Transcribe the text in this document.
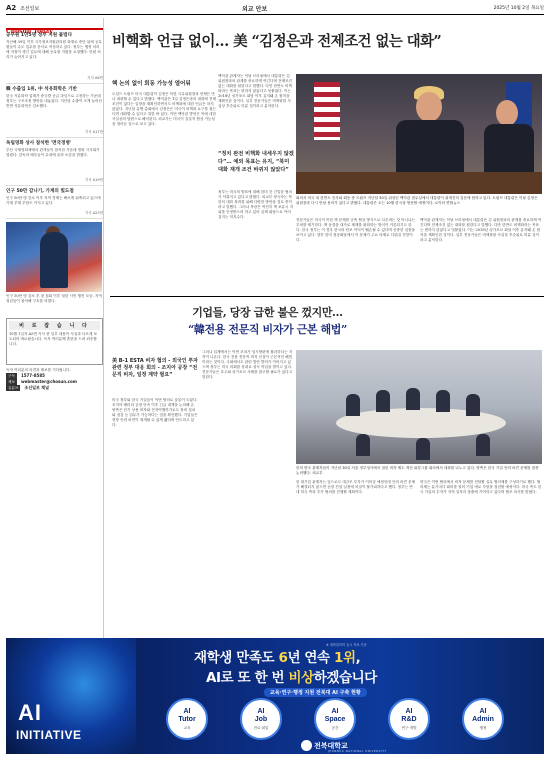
A2 조선일보	외교 안보	2025년 10월 2일 목요일
Chosun Today
공무원 1만5명 정부 지원 불법다
지난해 39일 이후 국가정보자원관리원 화재로 중단 뒤에 공무원들이 수도 업무를 문서로 작성하고 있다. 정부는 행정 처리에 지장이 생긴 업무에 대해 공무원 지원을 요청했다. 민원 처리가 늦어지고 있다.
기사 A6면
韓 수출입 1위, 中 석유화학은 기반
한국 석유화학 업계가 중국발 공급 과잉으로 고전하는 가운데 정부는 구조조정 방안을 내놓았다. 지난달 수출이 크게 늘어난 반면 석유화학은 감소했다.
기사 A17면
독립영화 상사 참석한 '면국정병'
부산 국제영화제에서 관객들이 참석한 가운데 영화 시사회가 열렸다. 감독과 배우들이 무대에 올라 소감을 밝혔다.
기사 A19면
인구 50만 감나기, 가계의 빛도점
인구 50만 명 감소 이후 지역 경제는 빠르게 위축되고 있으며 가계 부채 부담도 커지고 있다.
기사 A23면
인구 50만 명 감소 후 첫 집회 이후 열린 시민 행진 모습. 지역 청년들이 참석해 구호를 외쳤다.
비 로 잡 습 니 다
10월 1일자 A5면 기사 중 일부 내용이 사실과 다르게 보도되어 바로잡습니다. 독자 여러분께 혼란을 드려 죄송합니다.
독자 여러분의 의견과 제보를 기다립니다.
구독	1577-8585
제보	webmaster@chosun.com
유튜브	조선일보 채널
비핵화 언급 없이… 美 “김정은과 전제조건 없는 대화”
핵 논의 없이 회동 가능성 열어둬
도널드 트럼프 미국 대통령이 김정은 북한 국무위원장과 언제든 만나 대화할 수 있다고 밝혔다. 백악관은 1일 김정은과의 대화에 전제조건이 없다는 입장을 재확인하면서도 비핵화에 대한 언급은 하지 않았다. 지난달 유엔 총회에서 김정은은 미국이 비핵화 요구를 접는다면 대화할 수 있다고 말한 바 있다. 이번 백악관 발언은 이에 대한 사실상의 답변으로 해석된다. 외교가는 미국이 실질적 협상 가능성을 열어둔 것으로 보고 있다.
백악관 관계자는 이날 브리핑에서 대통령은 김 위원장과의 관계를 중요하게 여긴다며 전제조건 없는 대화를 원한다고 말했다. 다만 한반도 비핵화라는 목표는 변하지 않았다고 덧붙였다. 이는 2018년 싱가포르 회담 이후 유지돼 온 원칙을 재확인한 것이다. 일부 전문가들은 비핵화를 사실상 후순위로 미룬 것이라고 분석한다.
“정치 완전 비핵화 내세우지 않겠다”… 예외 목표는 유지, “북미 대화 재개 조건 바뀌지 않았다”
정부는 미국의 발표에 대해 한미 간 긴밀한 협의가 이뤄지고 있다고 밝혔다. 외교부 당국자는 북한의 대화 복귀를 위해 다양한 방안을 검토 중이라고 말했다. 그러나 북한은 여전히 핵 보유국 지위를 인정받으려 하고 있어 실제 회담으로 이어질지는 미지수다.
회의서 미국 내 한반도 인사와 회동 중 트럼프 지난달 30일 워싱턴 백악관 집무실에서 대통령이 취재진의 질문에 답하고 있다. 트럼프 대통령은 이날 김정은 위원장과 다시 만날 용의가 있다고 밝혔다. 대통령은 오는 10월 한국을 방문할 예정이다. 로이터 연합뉴스
전문가들은 미국이 북한 핵 문제를 군축 협상 방식으로 다루려는 것 아니냐는 우려를 제기한다. 핵 동결을 대가로 제재를 완화하는 방식이 거론되기도 한다. 한국 정부는 이 경우 한국의 안보 이익이 훼손될 수 있다며 신중한 입장을 보이고 있다. 향후 한미 정상회담에서 이 문제가 주요 의제로 다뤄질 전망이다.
백악관 관계자는 이날 브리핑에서 대통령은 김 위원장과의 관계를 중요하게 여긴다며 전제조건 없는 대화를 원한다고 말했다. 다만 한반도 비핵화라는 목표는 변하지 않았다고 덧붙였다. 이는 2018년 싱가포르 회담 이후 유지돼 온 원칙을 재확인한 것이다. 일부 전문가들은 비핵화를 사실상 후순위로 미룬 것이라고 분석한다.
기업들, 당장 급한 불은 껐지만…
“韓전용 전문직 비자가 근본 해법”
美 B-1 ESTA 비자 협의 - 외국인 투자 관련 정부 대응 회의 - 조지아 공장 “전문직 비자, 일정 계약 필요”
미국 정부와 한국 기업들이 이번 합의로 숨통이 트였다. 조지아 배터리 공장 단속 이후 긴급 대책을 논의해 온 양측은 단기 상용 비자와 전자여행허가로도 장비 설치와 점검 등 업무가 가능하다는 점을 확인했다. 기업들은 현장 인력 파견이 재개될 수 있게 됐다며 안도하고 있다.
그러나 업계에서는 이번 조치가 임시방편에 불과하다는 지적이 나온다. 한국 전용 전문직 비자 신설이 근본적인 해법이라는 것이다. 국회에서도 관련 법안 발의가 이어지고 있으며 정부는 미국 의회를 상대로 설득 작업을 벌이고 있다. 전문가들은 호주와 싱가포르 사례를 참고할 필요가 있다고 말한다.
한미 양국 관계자들이 지난달 30일 서울 정부청사에서 열린 비자 제도 개선 워킹그룹 회의에서 대화를 나누고 있다. 양측은 한국 기업 인력 파견 문제를 집중 논의했다. 외교부
한 대기업 관계자는 앞으로도 대규모 투자가 이어질 예정인데 인력 파견 문제가 해결되지 않으면 공장 건설 일정에 차질이 불가피하다고 했다. 정부는 연내 미국 측과 추가 협의를 진행할 계획이다.
양국은 이번 협의에서 비자 문제를 전담할 실무 협의체를 구성하기로 했다. 협의체는 분기마다 회의를 열어 기업 애로 사항을 점검할 예정이다. 미국 측도 한국 기업의 투자가 지역 일자리 창출에 기여하고 있다며 협조 의사를 밝혔다.
AI
INITIATIVE
※ 대학알리미 공시 자료 기준
재학생 만족도 6년 연속 1위,
AI로 또 한 번 비상하겠습니다
교육·연구·행정 지원 전북대 AI 구축 현황
AI
Tutor
교육
AI
Job
진로·취업
AI
Space
공간
AI
R&D
연구·개발
AI
Admin
행정
전북대학교
JEONBUK NATIONAL UNIVERSITY
